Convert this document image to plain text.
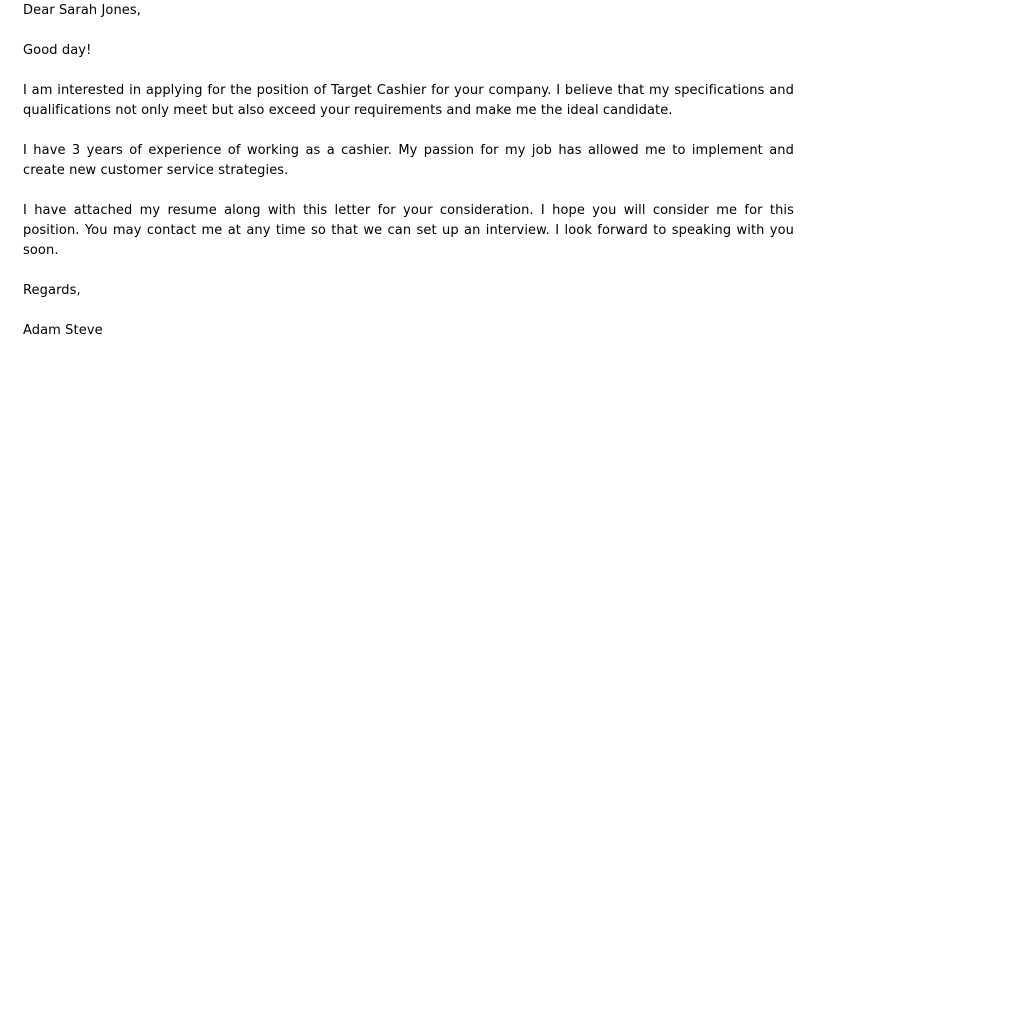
Dear Sarah Jones,

Good day!

I am interested in applying for the position of Target Cashier for your company. I believe that my specifications and qualifications not only meet but also exceed your requirements and make me the ideal candidate.

I have 3 years of experience of working as a cashier. My passion for my job has allowed me to implement and create new customer service strategies.

I have attached my resume along with this letter for your consideration. I hope you will consider me for this position. You may contact me at any time so that we can set up an interview. I look forward to speaking with you soon.

Regards,

Adam Steve
